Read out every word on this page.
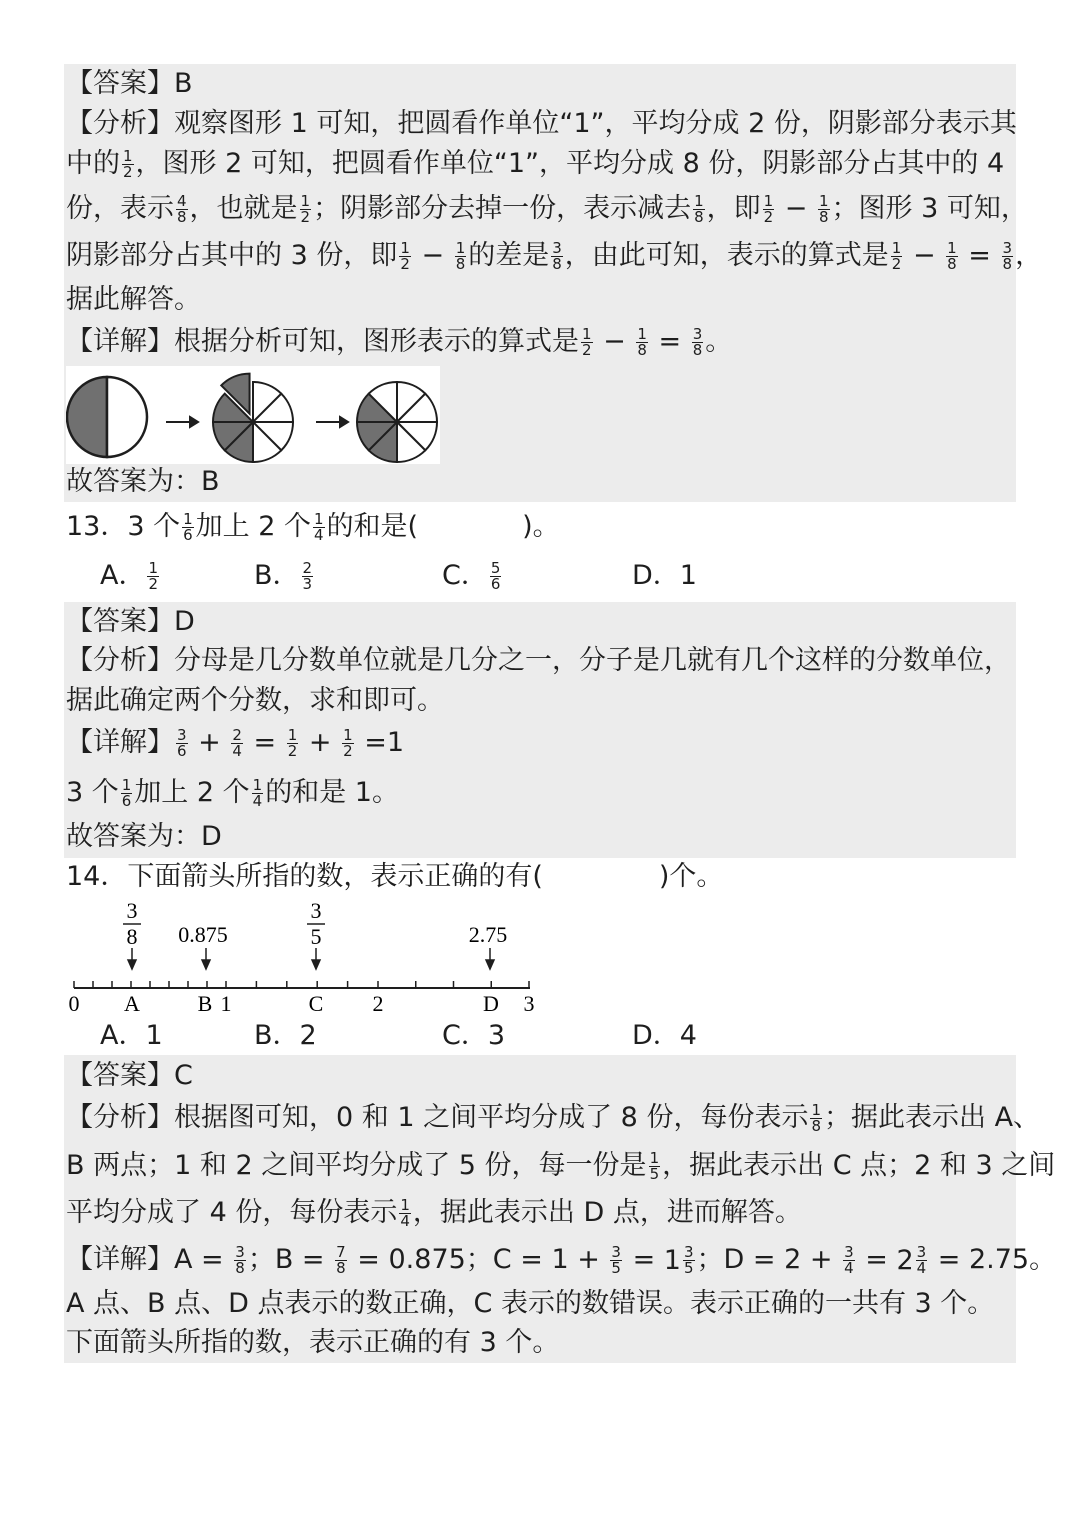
【答案】B
【分析】观察图形 1 可知，把圆看作单位“1”，平均分成 2 份，阴影部分表示其
中的 $\frac{1}{2}$ ，图形 2 可知，把圆看作单位“1”，平均分成 8 份，阴影部分占其中的 4
份，表示 $\frac{4}{8}$ ，也就是 $\frac{1}{2}$ ；阴影部分去掉一份，表示减去 $\frac{1}{8}$ ，即 $\frac{1}{2} - \frac{1}{8}$ ；图形 3 可知，
阴影部分占其中的 3 份，即 $\frac{1}{2} - \frac{1}{8}$ 的差是 $\frac{3}{8}$ ，由此可知，表示的算式是 $\frac{1}{2} - \frac{1}{8} = \frac{3}{8}$ ，
据此解答。
【详解】根据分析可知，图形表示的算式是 $\frac{1}{2} - \frac{1}{8} = \frac{3}{8}$ 。
故答案为：B
13．3 个 $\frac{1}{6}$ 加上 2 个 $\frac{1}{4}$ 的和是(	)。
A． $\frac{1}{2}$	B． $\frac{2}{3}$	C． $\frac{5}{6}$	D．1
【答案】D
【分析】分母是几分数单位就是几分之一，分子是几就有几个这样的分数单位，
据此确定两个分数，求和即可。
【详解】 $\frac{3}{6} + \frac{2}{4} = \frac{1}{2} + \frac{1}{2} =1$
3 个 $\frac{1}{6}$ 加上 2 个 $\frac{1}{4}$ 的和是 1。
故答案为：D
14．下面箭头所指的数，表示正确的有(	)个。
3
8 0.875
3
5	2.75
0 A	B 1	C 2	D 3
A．1	B．2	C．3	D．4
【答案】C
【分析】根据图可知，0 和 1 之间平均分成了 8 份，每份表示 $\frac{1}{8}$ ；据此表示出 A、
B 两点；1 和 2 之间平均分成了 5 份，每一份是 $\frac{1}{5}$ ，据此表示出 C 点；2 和 3 之间
平均分成了 4 份，每份表示 $\frac{1}{4}$ ，据此表示出 D 点，进而解答。
【详解】$A = \frac{3}{8}$ ；$B = \frac{7}{8} = 0.875$；$C = 1 + \frac{3}{5} = 1 \frac{3}{5}$ ；$D = 2 + \frac{3}{4} = 2 \frac{3}{4} = 2.75$。
A 点、B 点、D 点表示的数正确，C 表示的数错误。表示正确的一共有 3 个。
下面箭头所指的数，表示正确的有 3 个。
